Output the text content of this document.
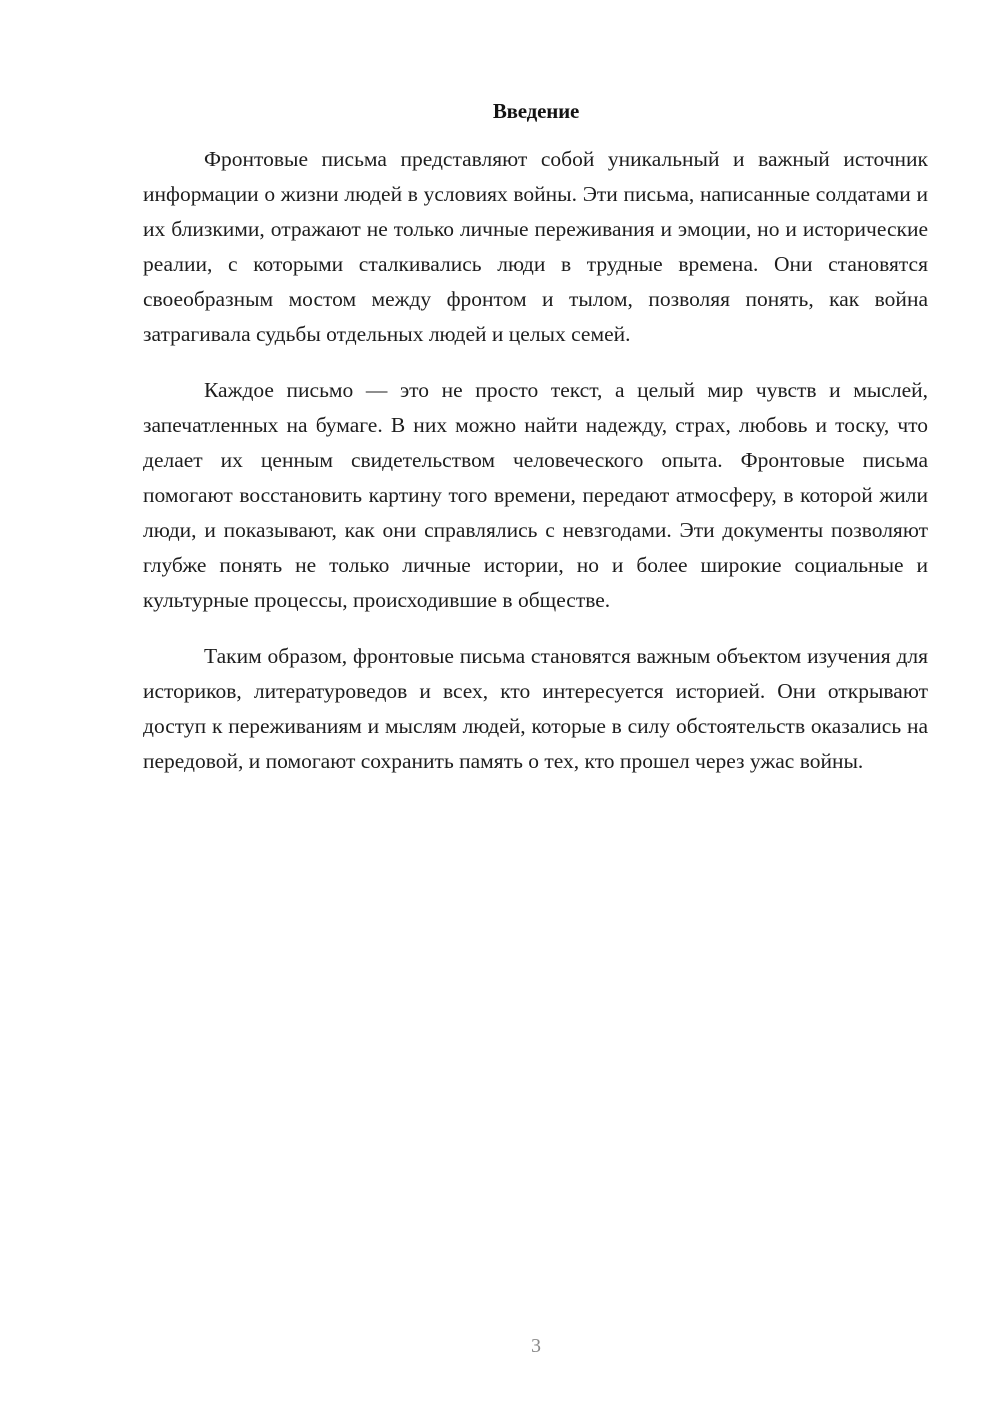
Введение

Фронтовые письма представляют собой уникальный и важный источник информации о жизни людей в условиях войны. Эти письма, написанные солдатами и их близкими, отражают не только личные переживания и эмоции, но и исторические реалии, с которыми сталкивались люди в трудные времена. Они становятся своеобразным мостом между фронтом и тылом, позволяя понять, как война затрагивала судьбы отдельных людей и целых семей.

Каждое письмо — это не просто текст, а целый мир чувств и мыслей, запечатленных на бумаге. В них можно найти надежду, страх, любовь и тоску, что делает их ценным свидетельством человеческого опыта. Фронтовые письма помогают восстановить картину того времени, передают атмосферу, в которой жили люди, и показывают, как они справлялись с невзгодами. Эти документы позволяют глубже понять не только личные истории, но и более широкие социальные и культурные процессы, происходившие в обществе.

Таким образом, фронтовые письма становятся важным объектом изучения для историков, литературоведов и всех, кто интересуется историей. Они открывают доступ к переживаниям и мыслям людей, которые в силу обстоятельств оказались на передовой, и помогают сохранить память о тех, кто прошел через ужас войны.

3
